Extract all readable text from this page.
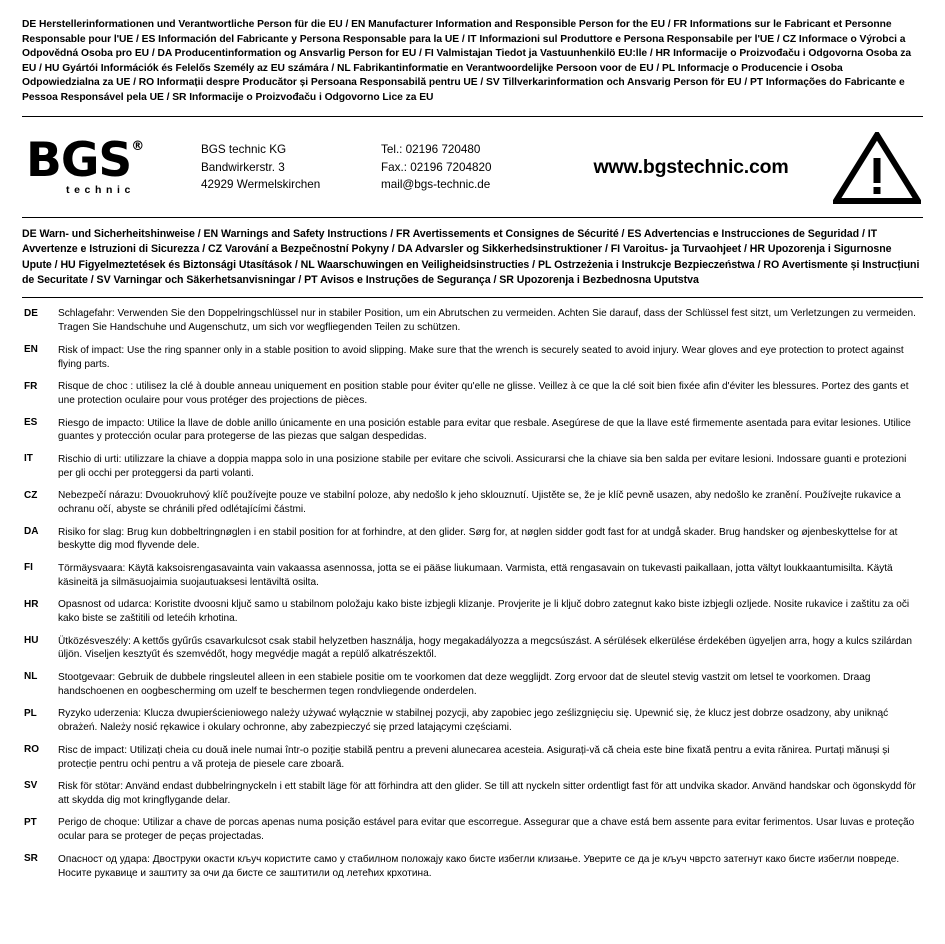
DE Herstellerinformationen und Verantwortliche Person für die EU / EN Manufacturer Information and Responsible Person for the EU / FR Informations sur le Fabricant et Personne Responsable pour l'UE / ES Información del Fabricante y Persona Responsable para la UE / IT Informazioni sul Produttore e Persona Responsabile per l'UE / CZ Informace o Výrobci a Odpovědná Osoba pro EU / DA Producentinformation og Ansvarlig Person for EU / FI Valmistajan Tiedot ja Vastuunhenkilö EU:lle / HR Informacije o Proizvođaču i Odgovorna Osoba za EU / HU Gyártói Információk és Felelős Személy az EU számára / NL Fabrikantinformatie en Verantwoordelijke Persoon voor de EU / PL Informacje o Producencie i Osoba Odpowiedzialna za UE / RO Informații despre Producător și Persoana Responsabilă pentru UE / SV Tillverkarinformation och Ansvarig Person för EU / PT Informações do Fabricante e Pessoa Responsável pela UE / SR Informacije o Proizvođaču i Odgovorno Lice za EU
BGS®
technic
BGS technic KG
Bandwirkerstr. 3
42929 Wermelskirchen
Tel.: 02196 720480
Fax.: 02196 7204820
mail@bgs-technic.de
www.bgstechnic.com
DE Warn- und Sicherheitshinweise / EN Warnings and Safety Instructions / FR Avertissements et Consignes de Sécurité / ES Advertencias e Instrucciones de Seguridad / IT Avvertenze e Istruzioni di Sicurezza / CZ Varování a Bezpečnostní Pokyny / DA Advarsler og Sikkerhedsinstruktioner / FI Varoitus- ja Turvaohjeet / HR Upozorenja i Sigurnosne Upute / HU Figyelmeztetések és Biztonsági Utasítások / NL Waarschuwingen en Veiligheidsinstructies / PL Ostrzeżenia i Instrukcje Bezpieczeństwa / RO Avertismente și Instrucțiuni de Securitate / SV Varningar och Säkerhetsanvisningar / PT Avisos e Instruções de Segurança / SR Upozorenja i Bezbednosna Uputstva
DE	Schlagefahr: Verwenden Sie den Doppelringschlüssel nur in stabiler Position, um ein Abrutschen zu vermeiden. Achten Sie darauf, dass der Schlüssel fest sitzt, um Verletzungen zu vermeiden. Tragen Sie Handschuhe und Augenschutz, um sich vor wegfliegenden Teilen zu schützen.
EN	Risk of impact: Use the ring spanner only in a stable position to avoid slipping. Make sure that the wrench is securely seated to avoid injury. Wear gloves and eye protection to protect against flying parts.
FR	Risque de choc : utilisez la clé à double anneau uniquement en position stable pour éviter qu'elle ne glisse. Veillez à ce que la clé soit bien fixée afin d'éviter les blessures. Portez des gants et une protection oculaire pour vous protéger des projections de pièces.
ES	Riesgo de impacto: Utilice la llave de doble anillo únicamente en una posición estable para evitar que resbale. Asegúrese de que la llave esté firmemente asentada para evitar lesiones. Utilice guantes y protección ocular para protegerse de las piezas que salgan despedidas.
IT	Rischio di urti: utilizzare la chiave a doppia mappa solo in una posizione stabile per evitare che scivoli. Assicurarsi che la chiave sia ben salda per evitare lesioni. Indossare guanti e protezioni per gli occhi per proteggersi da parti volanti.
CZ	Nebezpečí nárazu: Dvouokruhový klíč používejte pouze ve stabilní poloze, aby nedošlo k jeho sklouznutí. Ujistěte se, že je klíč pevně usazen, aby nedošlo ke zranění. Používejte rukavice a ochranu očí, abyste se chránili před odlétajícími částmi.
DA	Risiko for slag: Brug kun dobbeltringnøglen i en stabil position for at forhindre, at den glider. Sørg for, at nøglen sidder godt fast for at undgå skader. Brug handsker og øjenbeskyttelse for at beskytte dig mod flyvende dele.
FI	Törmäysvaara: Käytä kaksoisrengasavainta vain vakaassa asennossa, jotta se ei pääse liukumaan. Varmista, että rengasavain on tukevasti paikallaan, jotta vältyt loukkaantumisilta. Käytä käsineitä ja silmäsuojaimia suojautuaksesi lentäviltä osilta.
HR	Opasnost od udarca: Koristite dvoosni ključ samo u stabilnom položaju kako biste izbjegli klizanje. Provjerite je li ključ dobro zategnut kako biste izbjegli ozljede. Nosite rukavice i zaštitu za oči kako biste se zaštitili od letećih krhotina.
HU	Ütközésveszély: A kettős gyűrűs csavarkulcsot csak stabil helyzetben használja, hogy megakadályozza a megcsúszást. A sérülések elkerülése érdekében ügyeljen arra, hogy a kulcs szilárdan üljön. Viseljen kesztyűt és szemvédőt, hogy megvédje magát a repülő alkatrészektől.
NL	Stootgevaar: Gebruik de dubbele ringsleutel alleen in een stabiele positie om te voorkomen dat deze wegglijdt. Zorg ervoor dat de sleutel stevig vastzit om letsel te voorkomen. Draag handschoenen en oogbescherming om uzelf te beschermen tegen rondvliegende onderdelen.
PL	Ryzyko uderzenia: Klucza dwupierścieniowego należy używać wyłącznie w stabilnej pozycji, aby zapobiec jego ześlizgnięciu się. Upewnić się, że klucz jest dobrze osadzony, aby uniknąć obrażeń. Należy nosić rękawice i okulary ochronne, aby zabezpieczyć się przed latającymi częściami.
RO	Risc de impact: Utilizați cheia cu două inele numai într-o poziție stabilă pentru a preveni alunecarea acesteia. Asigurați-vă că cheia este bine fixată pentru a evita rănirea. Purtați mănuși și protecție pentru ochi pentru a vă proteja de piesele care zboară.
SV	Risk för stötar: Använd endast dubbelringnyckeln i ett stabilt läge för att förhindra att den glider. Se till att nyckeln sitter ordentligt fast för att undvika skador. Använd handskar och ögonskydd för att skydda dig mot kringflygande delar.
PT	Perigo de choque: Utilizar a chave de porcas apenas numa posição estável para evitar que escorregue. Assegurar que a chave está bem assente para evitar ferimentos. Usar luvas e proteção ocular para se proteger de peças projectadas.
SR	Опасност од удара: Двоструки окасти кључ користите само у стабилном положају како бисте избегли клизање. Уверите се да је кључ чврсто затегнут како бисте избегли повреде. Носите рукавице и заштиту за очи да бисте се заштитили од летећих крхотина.
